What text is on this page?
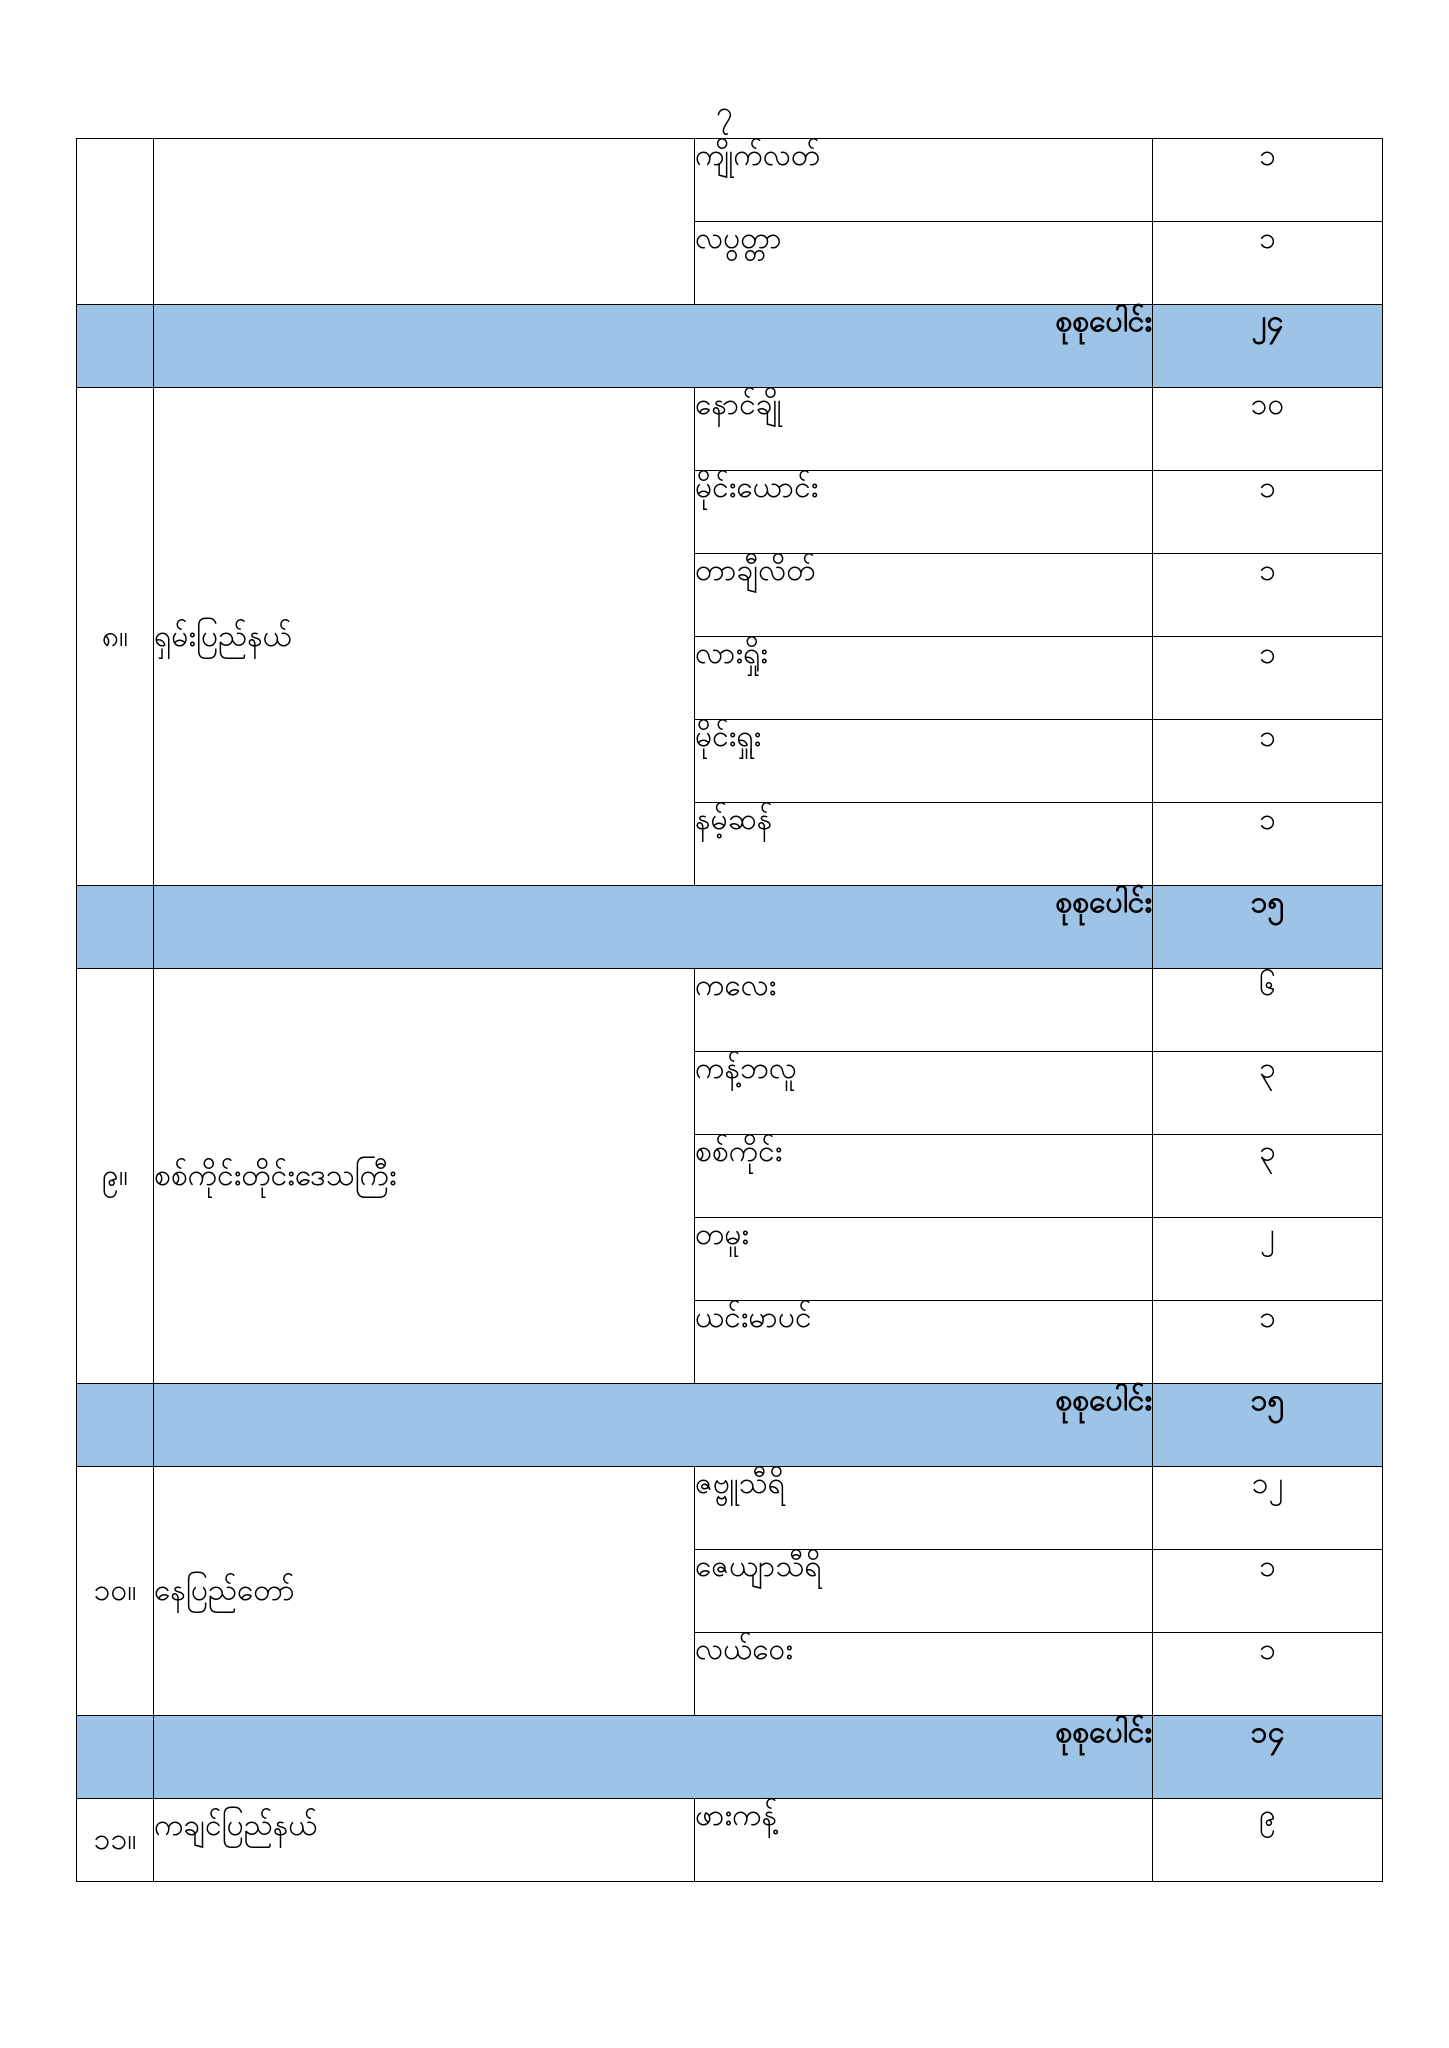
၇
		ကျိုက်လတ်	၁
		လပွတ္တာ	၁
	စုစုပေါင်း		၂၄
၈။	ရှမ်းပြည်နယ်	နောင်ချို	၁၀
		မိုင်းယောင်း	၁
		တာချီလိတ်	၁
		လားရှိုး	၁
		မိုင်းရှူး	၁
		နမ့်ဆန်	၁
	စုစုပေါင်း		၁၅
၉။	စစ်ကိုင်းတိုင်းဒေသကြီး	ကလေး	၆
		ကန့်ဘလူ	၃
		စစ်ကိုင်း	၃
		တမူး	၂
		ယင်းမာပင်	၁
	စုစုပေါင်း		၁၅
၁၀။	နေပြည်တော်	ဇဗ္ဗူသီရိ	၁၂
		ဇေယျာသီရိ	၁
		လယ်ဝေး	၁
	စုစုပေါင်း		၁၄
၁၁။	ကချင်ပြည်နယ်	ဖားကန့်	၉
